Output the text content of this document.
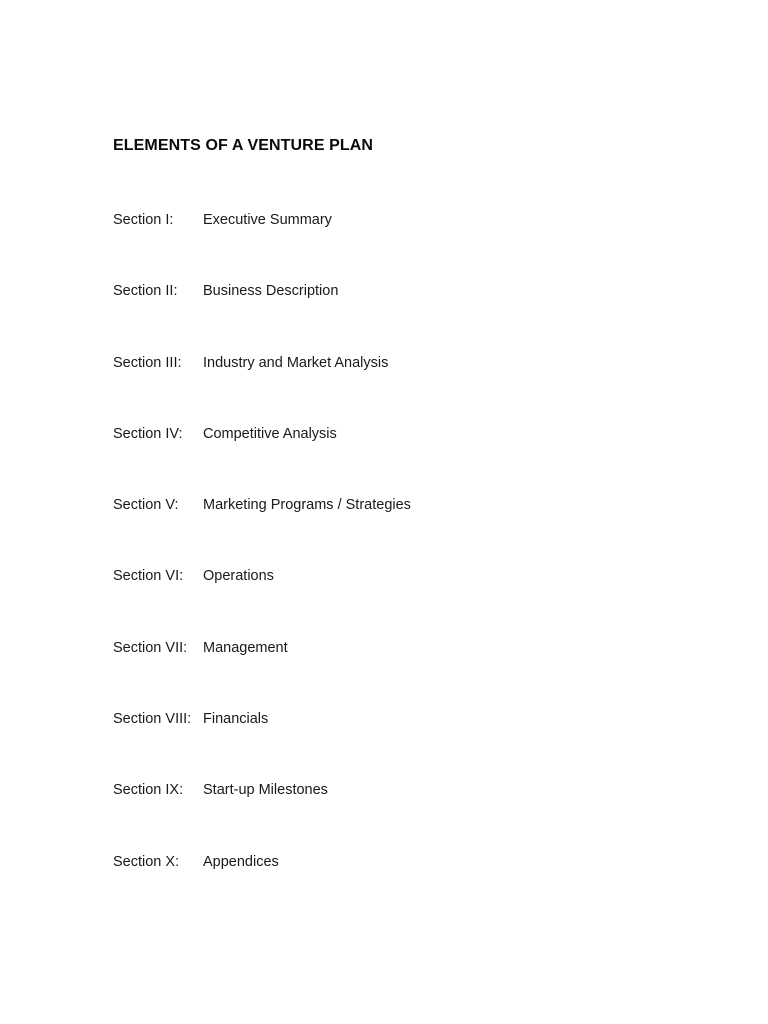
ELEMENTS OF A VENTURE PLAN
Section I: Executive Summary
Section II: Business Description
Section III: Industry and Market Analysis
Section IV: Competitive Analysis
Section V: Marketing Programs / Strategies
Section VI: Operations
Section VII: Management
Section VIII: Financials
Section IX: Start-up Milestones
Section X: Appendices
